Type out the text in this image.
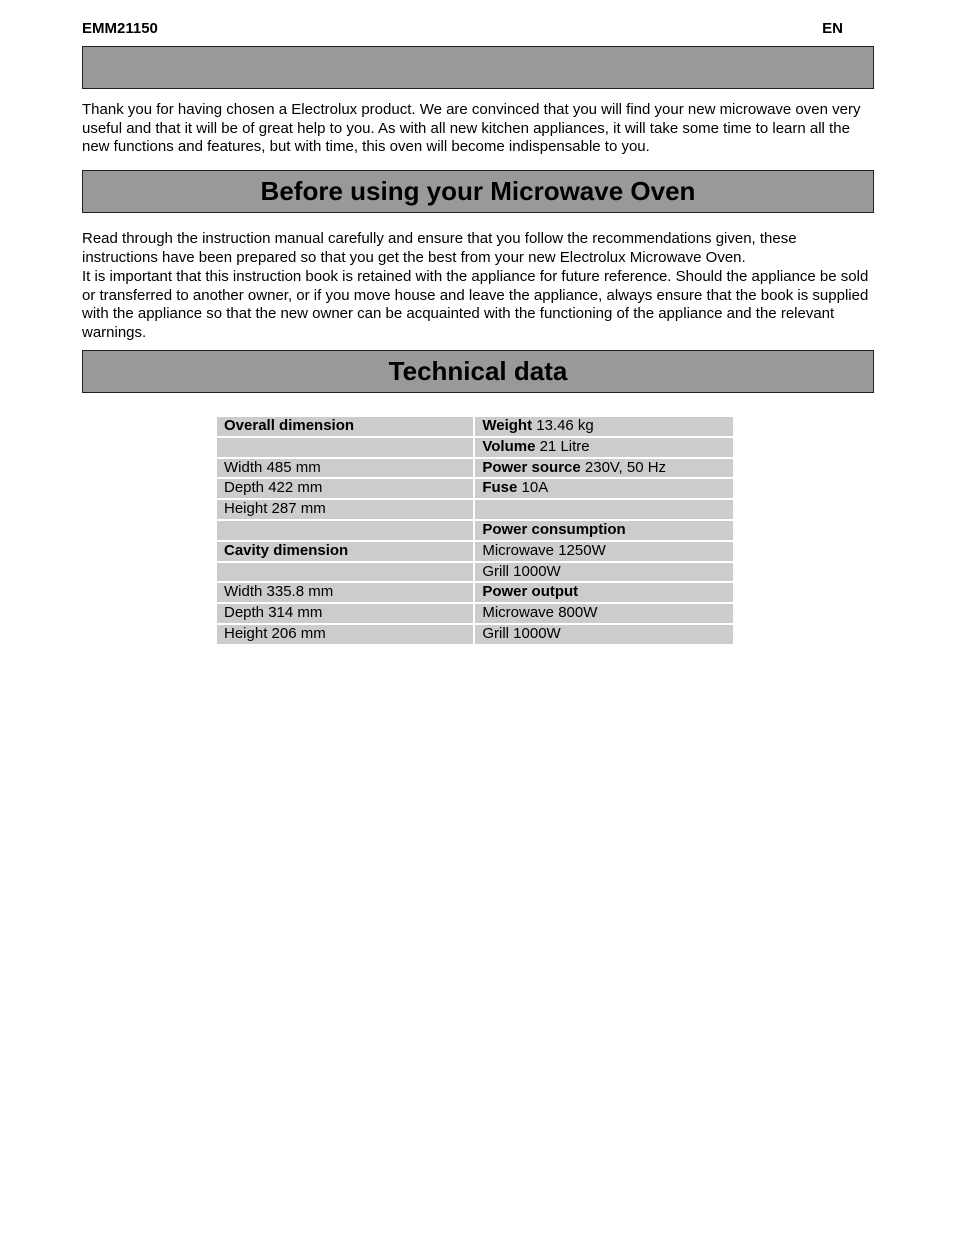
EMM21150	EN

Thank you for having chosen a Electrolux product. We are convinced that you will find your new microwave oven very useful and that it will be of great help to you. As with all new kitchen appliances, it will take some time to learn all the new functions and features, but with time, this oven will become indispensable to you.

Before using your Microwave Oven

Read through the instruction manual carefully and ensure that you follow the recommendations given, these instructions have been prepared so that you get the best from your new Electrolux Microwave Oven.

It is important that this instruction book is retained with the appliance for future reference. Should the appliance be sold or transferred to another owner, or if you move house and leave the appliance, always ensure that the book is supplied with the appliance so that the new owner can be acquainted with the functioning of the appliance and the relevant warnings.

Technical data
Overall dimension	Weight 13.46 kg
	Volume 21 Litre
Width 485 mm	Power source 230V, 50 Hz
Depth 422 mm	Fuse 10A
Height 287 mm	
	Power consumption
Cavity dimension	Microwave 1250W
	Grill 1000W
Width 335.8 mm	Power output
Depth 314 mm	Microwave 800W
Height 206 mm	Grill 1000W
